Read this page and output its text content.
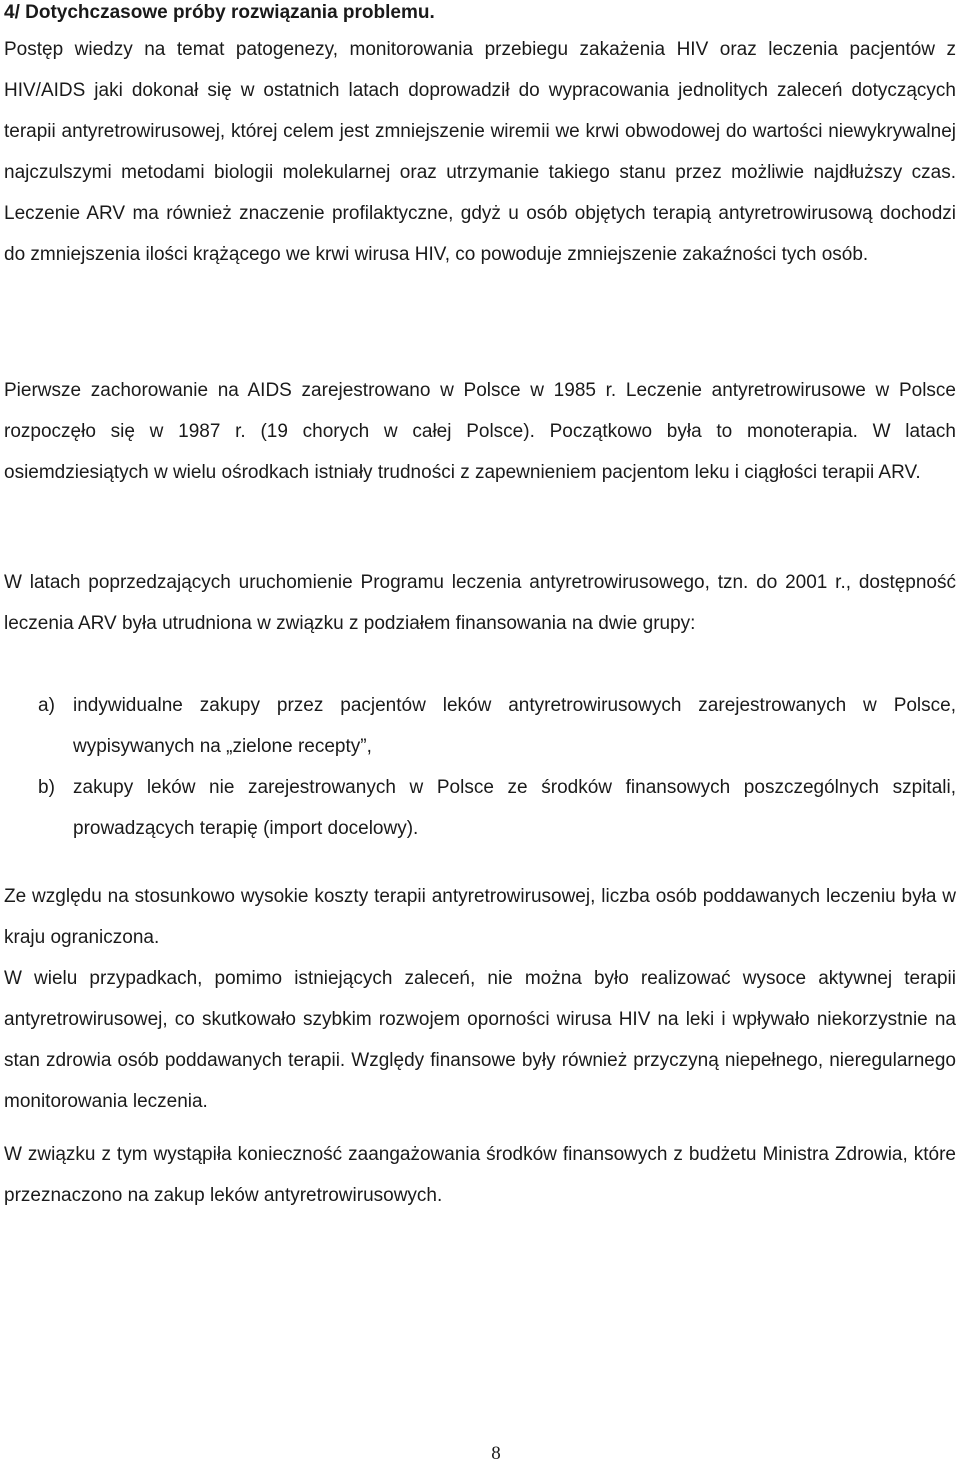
4/ Dotychczasowe próby rozwiązania problemu.

Postęp wiedzy na temat patogenezy, monitorowania przebiegu zakażenia HIV oraz leczenia pacjentów z HIV/AIDS jaki dokonał się w ostatnich latach doprowadził do wypracowania jednolitych zaleceń dotyczących terapii antyretrowirusowej, której celem jest zmniejszenie wiremii we krwi obwodowej do wartości niewykrywalnej najczulszymi metodami biologii molekularnej oraz utrzymanie takiego stanu przez możliwie najdłuższy czas. Leczenie ARV ma również znaczenie profilaktyczne, gdyż u osób objętych terapią antyretrowirusową dochodzi do zmniejszenia ilości krążącego we krwi wirusa HIV, co powoduje zmniejszenie zakaźności tych osób.

Pierwsze zachorowanie na AIDS zarejestrowano w Polsce w 1985 r. Leczenie antyretrowirusowe w Polsce rozpoczęło się w 1987 r. (19 chorych w całej Polsce). Początkowo była to monoterapia. W latach osiemdziesiątych w wielu ośrodkach istniały trudności z zapewnieniem pacjentom leku i ciągłości terapii ARV.

W latach poprzedzających uruchomienie Programu leczenia antyretrowirusowego, tzn. do 2001 r., dostępność leczenia ARV była utrudniona w związku z podziałem finansowania na dwie grupy:

a) indywidualne zakupy przez pacjentów leków antyretrowirusowych zarejestrowanych w Polsce, wypisywanych na „zielone recepty”,
b) zakupy leków nie zarejestrowanych w Polsce ze środków finansowych poszczególnych szpitali, prowadzących terapię (import docelowy).

Ze względu na stosunkowo wysokie koszty terapii antyretrowirusowej, liczba osób poddawanych leczeniu była w kraju ograniczona.

W wielu przypadkach, pomimo istniejących zaleceń, nie można było realizować wysoce aktywnej terapii antyretrowirusowej, co skutkowało szybkim rozwojem oporności wirusa HIV na leki i wpływało niekorzystnie na stan zdrowia osób poddawanych terapii. Względy finansowe były również przyczyną niepełnego, nieregularnego monitorowania leczenia.

W związku z tym wystąpiła konieczność zaangażowania środków finansowych z budżetu Ministra Zdrowia, które przeznaczono na zakup leków antyretrowirusowych.

8
